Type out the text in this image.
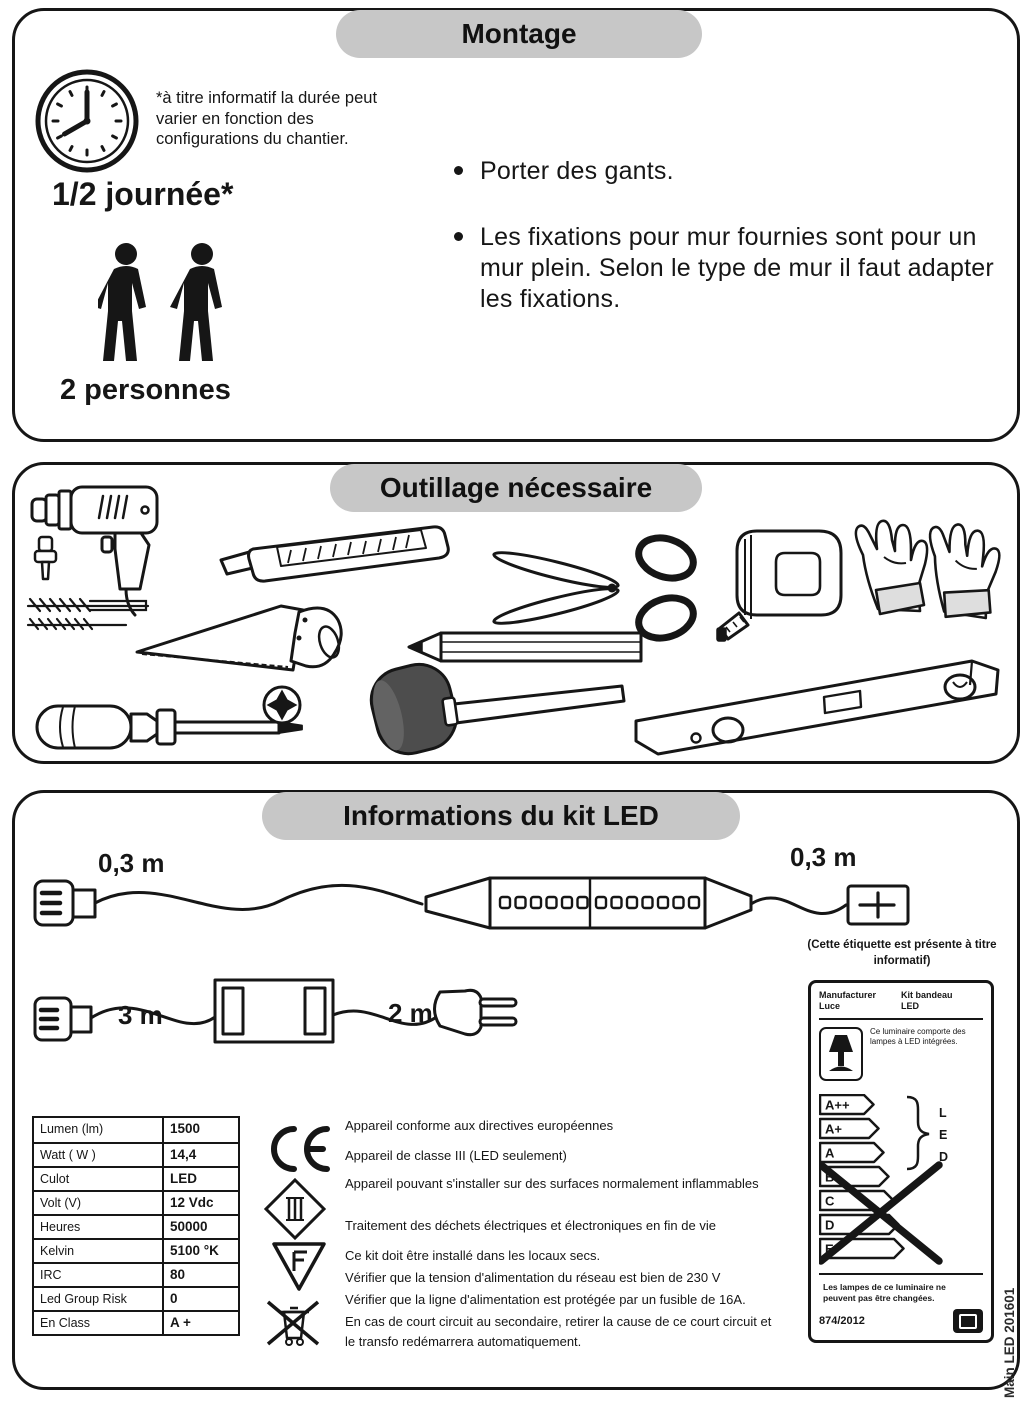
Montage
*à titre informatif la durée peut varier en fonction des configurations du chantier.
1/2 journée*
2 personnes
Porter des gants.
Les fixations pour mur fournies sont pour un mur plein. Selon le type de mur il faut adapter les fixations.
Outillage nécessaire
Informations du kit LED
0,3 m	0,3 m
3 m	2 m
(Cette étiquette est présente à titre informatif)
Manufacturer
Luce
Kit bandeau
LED
Ce luminaire comporte des lampes à LED intégrées.
A++
A+
A
B
C
D
E
L
E
D
Les lampes de ce luminaire ne peuvent pas être changées.
874/2012
Lumen (lm)	1500
Watt ( W )	14,4
Culot	LED
Volt (V)	12 Vdc
Heures	50000
Kelvin	5100 °K
IRC	80
Led Group Risk	0
En Class	A +
Appareil conforme aux directives européennes
Appareil de classe III (LED seulement)
Appareil pouvant s'installer sur des surfaces normalement inflammables
Traitement des déchets électriques et électroniques en fin de vie
Ce kit doit être installé dans les locaux secs.
Vérifier que la tension d'alimentation du réseau est bien de 230 V
Vérifier que la ligne d'alimentation est protégée par un fusible de 16A.
En cas de court circuit au secondaire, retirer la cause de ce court circuit et le transfo redémarrera automatiquement.	Main LED 201601
